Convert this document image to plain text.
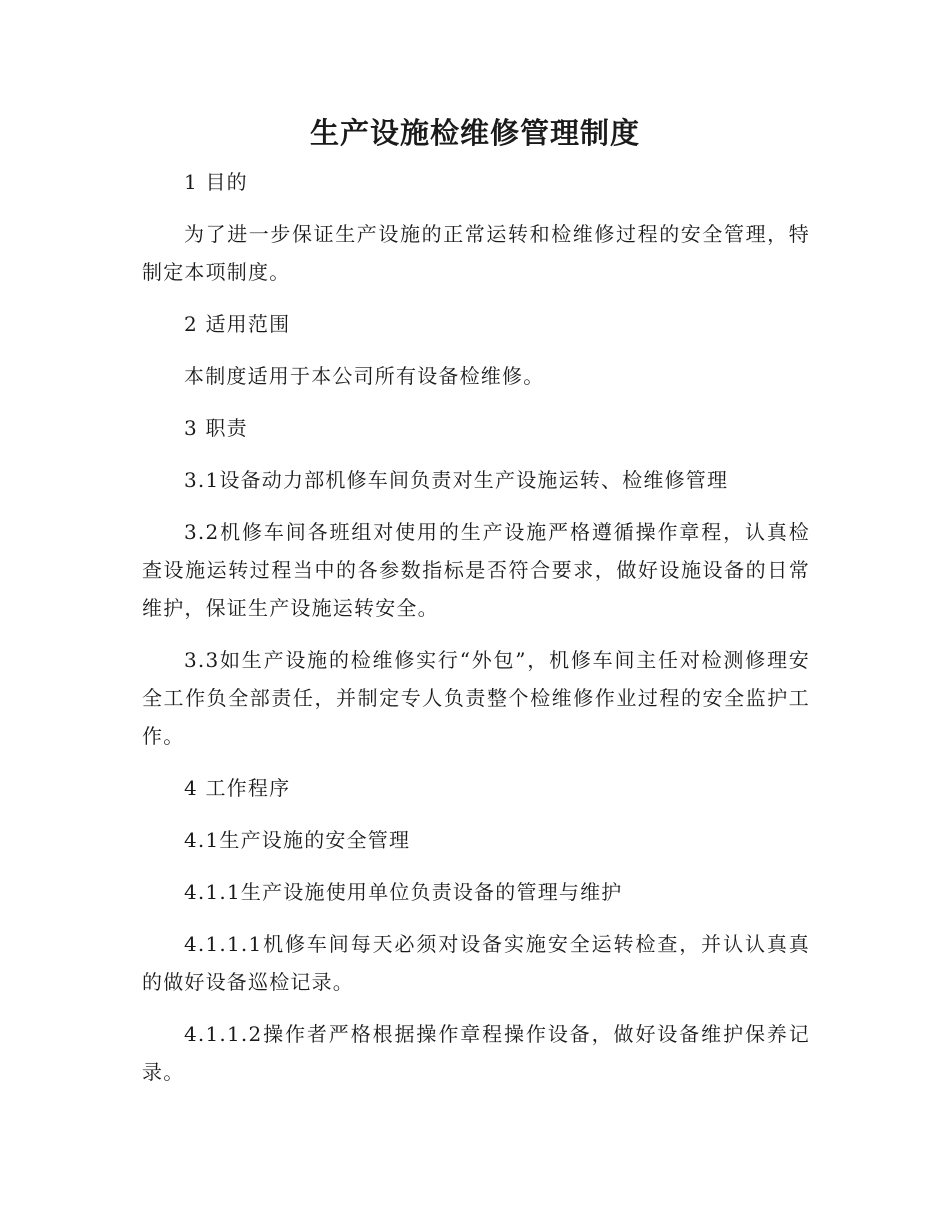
生产设施检维修管理制度

1 目的

为了进一步保证生产设施的正常运转和检维修过程的安全管理，特制定本项制度。

2 适用范围

本制度适用于本公司所有设备检维修。

3 职责

3.1设备动力部机修车间负责对生产设施运转、检维修管理

3.2机修车间各班组对使用的生产设施严格遵循操作章程，认真检查设施运转过程当中的各参数指标是否符合要求，做好设施设备的日常维护，保证生产设施运转安全。

3.3如生产设施的检维修实行“外包”，机修车间主任对检测修理安全工作负全部责任，并制定专人负责整个检维修作业过程的安全监护工作。

4 工作程序

4.1生产设施的安全管理

4.1.1生产设施使用单位负责设备的管理与维护

4.1.1.1机修车间每天必须对设备实施安全运转检查，并认认真真的做好设备巡检记录。

4.1.1.2操作者严格根据操作章程操作设备，做好设备维护保养记录。
